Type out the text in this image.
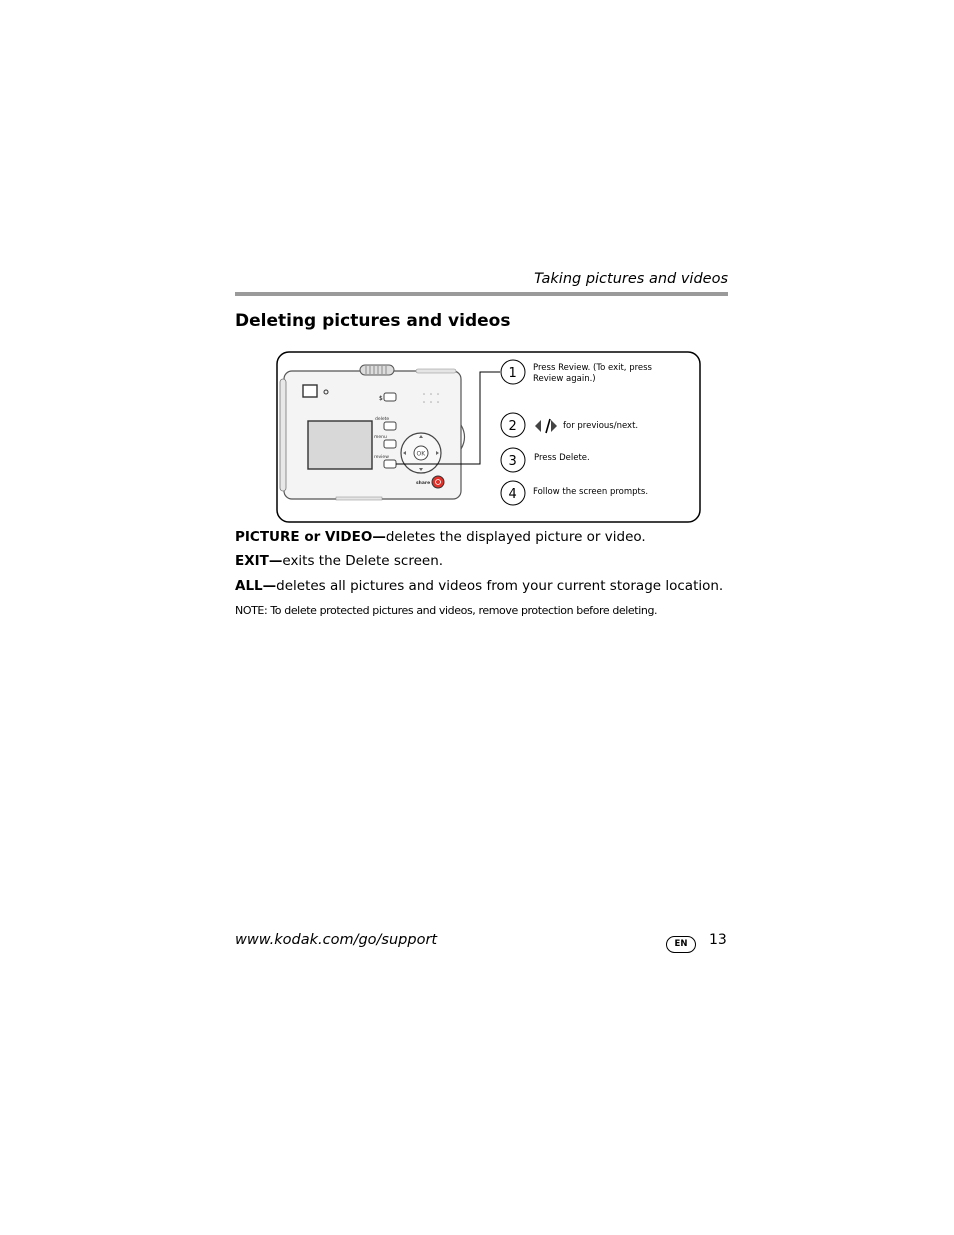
Taking pictures and videos
Deleting pictures and videos
$
delete
menu
review	OK
share
1
2
3
4
Press Review. (To exit, press Review again.)
for previous/next.
Press Delete.
Follow the screen prompts.
PICTURE or VIDEO—deletes the displayed picture or video.
EXIT—exits the Delete screen.
ALL—deletes all pictures and videos from your current storage location.
NOTE: To delete protected pictures and videos, remove protection before deleting.
www.kodak.com/go/support	EN	13
